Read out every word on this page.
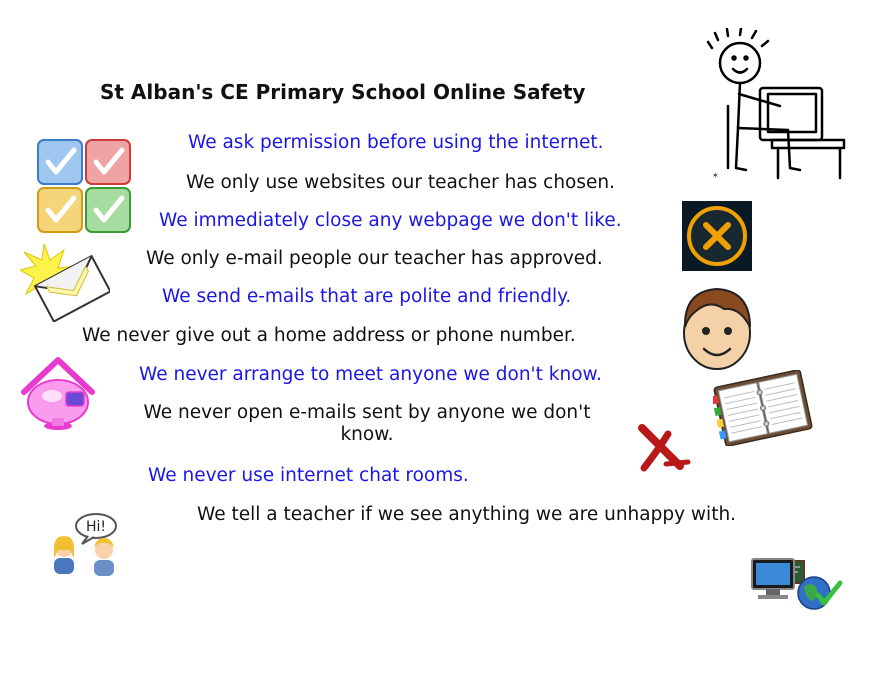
St Alban's CE Primary School Online Safety
We ask permission before using the internet.
We only use websites our teacher has chosen.
We immediately close any webpage we don't like.
We only e-mail people our teacher has approved.
We send e-mails that are polite and friendly.
We never give out a home address or phone number.
We never arrange to meet anyone we don't know.
We never open e-mails sent by anyone we don't know.
We never use internet chat rooms.
We tell a teacher if we see anything we are unhappy with.
✶
Hi!
